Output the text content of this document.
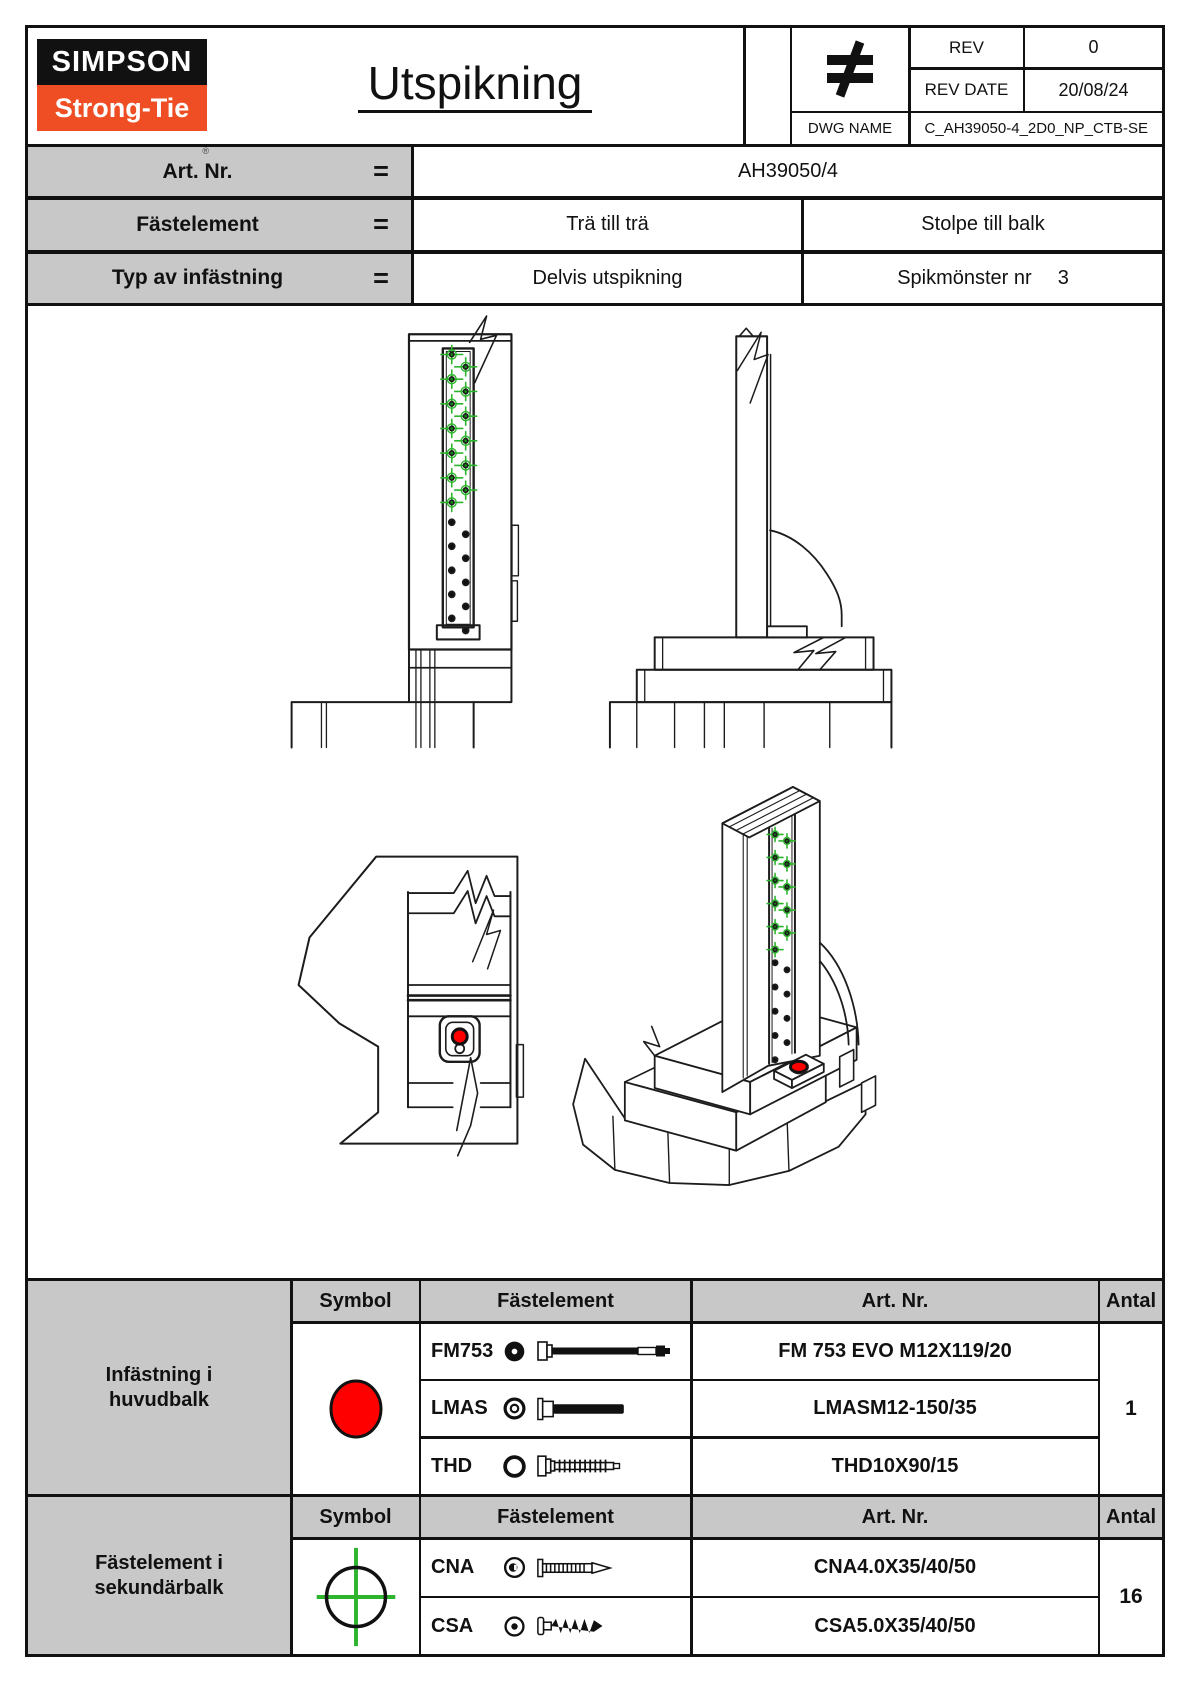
SIMPSON
Strong-Tie
®
Utspikning
REV	0
REV DATE	20/08/24
DWG NAME	C_AH39050-4_2D0_NP_CTB-SE
Art. Nr.	=	AH39050/4
Fästelement	=	Trä till trä	Stolpe till balk
Typ av infästning	=	Delvis utspikning	Spikmönster nr 3
Infästning i huvudbalk
Symbol	Fästelement	Art. Nr.	Antal
FM753	FM 753 EVO M12X119/20
LMAS	LMASM12-150/35
THD	THD10X90/15
1
Fästelement i sekundärbalk
Symbol	Fästelement	Art. Nr.	Antal
CNA	CNA4.0X35/40/50
CSA	CSA5.0X35/40/50
16
